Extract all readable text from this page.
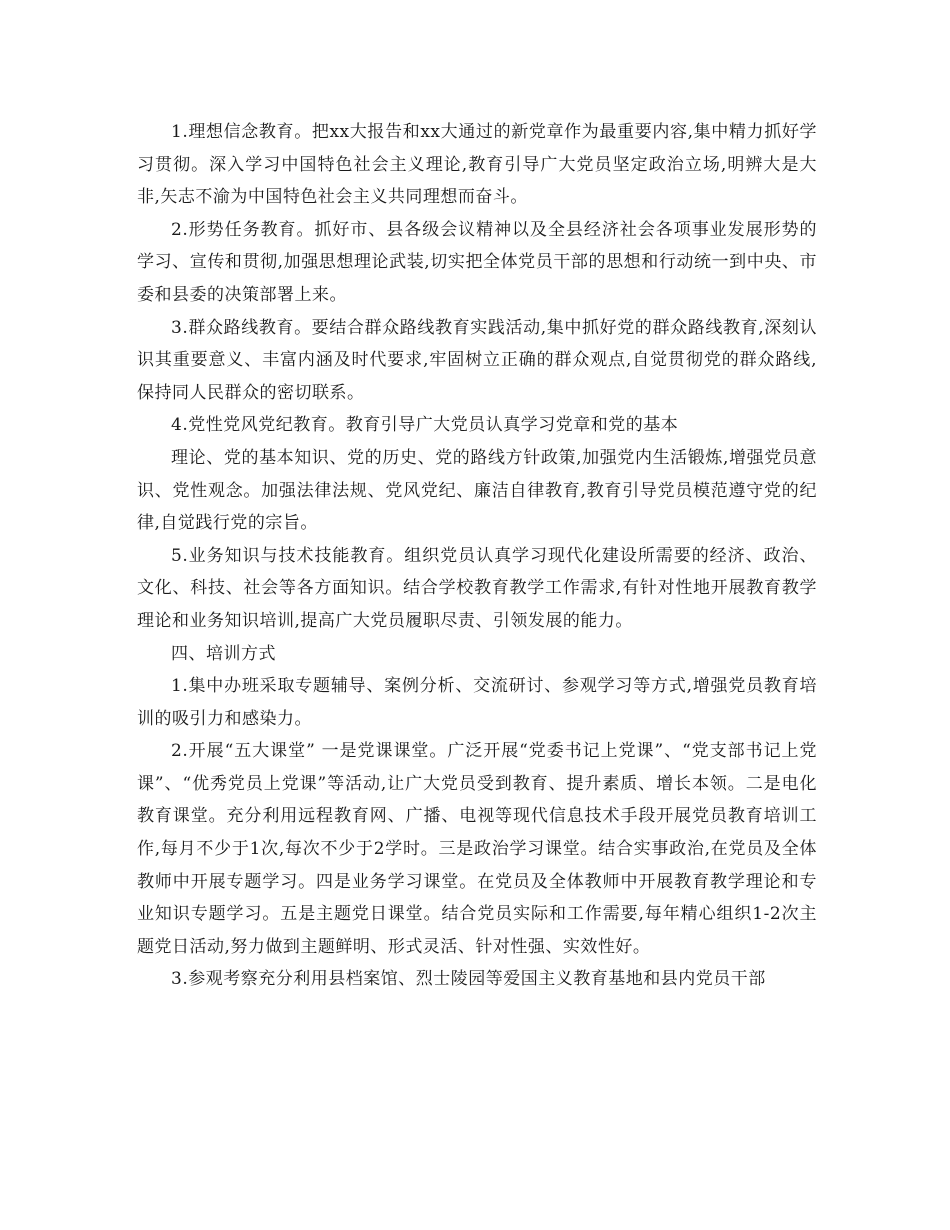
1.理想信念教育。把xx大报告和xx大通过的新党章作为最重要内容,集中精力抓好学习贯彻。深入学习中国特色社会主义理论,教育引导广大党员坚定政治立场,明辨大是大非,矢志不渝为中国特色社会主义共同理想而奋斗。

2.形势任务教育。抓好市、县各级会议精神以及全县经济社会各项事业发展形势的学习、宣传和贯彻,加强思想理论武装,切实把全体党员干部的思想和行动统一到中央、市委和县委的决策部署上来。

3.群众路线教育。要结合群众路线教育实践活动,集中抓好党的群众路线教育,深刻认识其重要意义、丰富内涵及时代要求,牢固树立正确的群众观点,自觉贯彻党的群众路线,保持同人民群众的密切联系。

4.党性党风党纪教育。教育引导广大党员认真学习党章和党的基本

理论、党的基本知识、党的历史、党的路线方针政策,加强党内生活锻炼,增强党员意识、党性观念。加强法律法规、党风党纪、廉洁自律教育,教育引导党员模范遵守党的纪律,自觉践行党的宗旨。

5.业务知识与技术技能教育。组织党员认真学习现代化建设所需要的经济、政治、文化、科技、社会等各方面知识。结合学校教育教学工作需求,有针对性地开展教育教学理论和业务知识培训,提高广大党员履职尽责、引领发展的能力。

四、培训方式

1.集中办班采取专题辅导、案例分析、交流研讨、参观学习等方式,增强党员教育培训的吸引力和感染力。

2.开展“五大课堂” 一是党课课堂。广泛开展“党委书记上党课”、“党支部书记上党课”、“优秀党员上党课”等活动,让广大党员受到教育、提升素质、增长本领。二是电化教育课堂。充分利用远程教育网、广播、电视等现代信息技术手段开展党员教育培训工作,每月不少于1次,每次不少于2学时。三是政治学习课堂。结合实事政治,在党员及全体教师中开展专题学习。四是业务学习课堂。在党员及全体教师中开展教育教学理论和专业知识专题学习。五是主题党日课堂。结合党员实际和工作需要,每年精心组织1-2次主题党日活动,努力做到主题鲜明、形式灵活、针对性强、实效性好。

3.参观考察充分利用县档案馆、烈士陵园等爱国主义教育基地和县内党员干部
